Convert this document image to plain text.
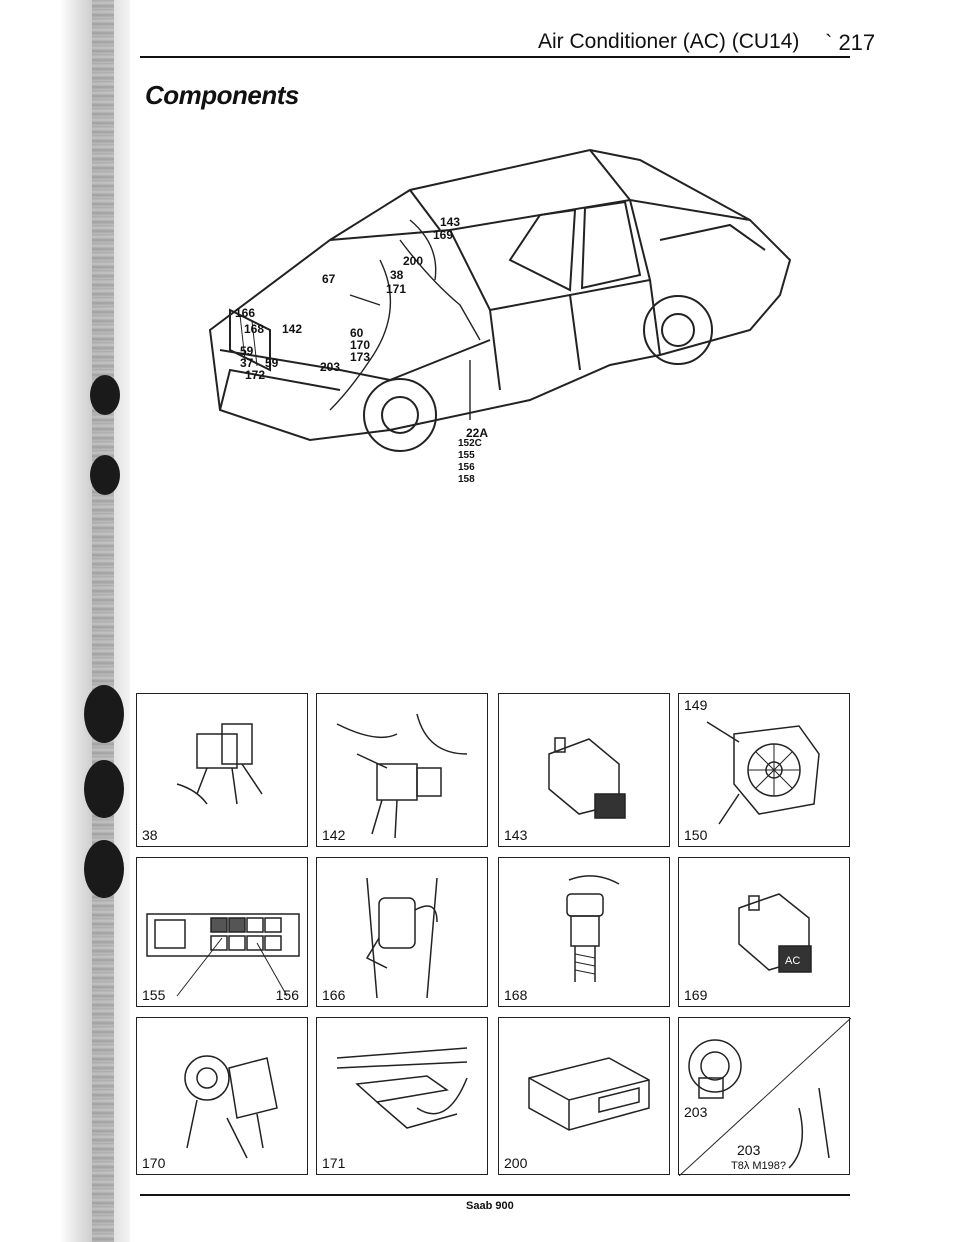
Air Conditioner (AC) (CU14) ` 217
Components
143
169
200
38
67
171
166
168 142	60
170
173
59
37 59
172
203
22A
152C
155
156
158
38	142	143
149
150
155	156 166	168
AC
169
170	171	200
203
203
T8λ M198?
Saab 900
